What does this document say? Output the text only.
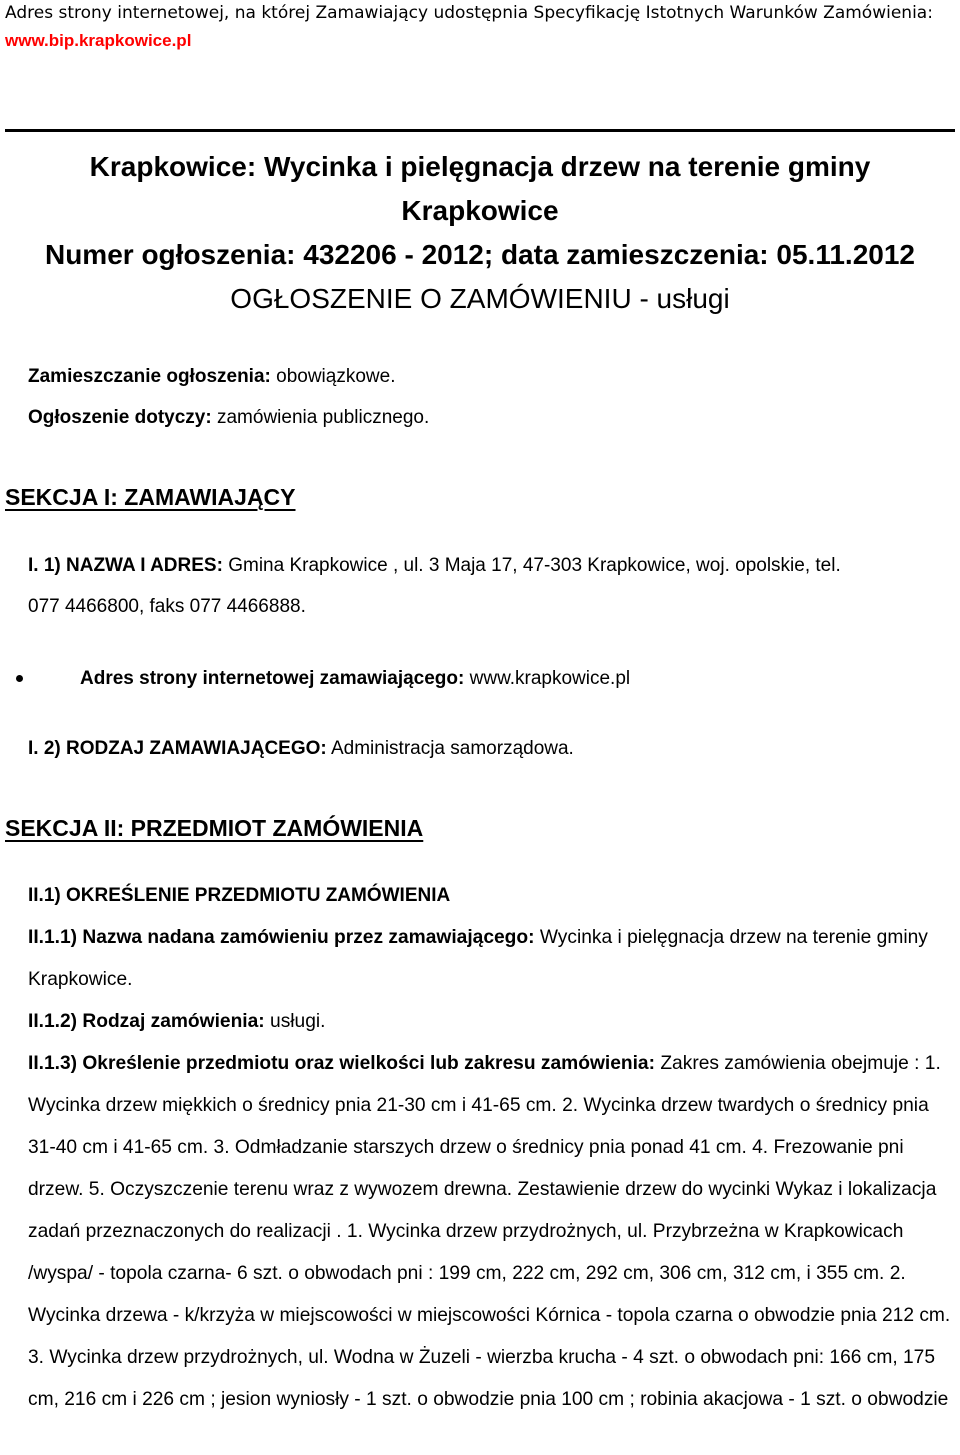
Adres strony internetowej, na której Zamawiający udostępnia Specyfikację Istotnych Warunków Zamówienia:
www.bip.krapkowice.pl
Krapkowice: Wycinka i pielęgnacja drzew na terenie gminy
Krapkowice
Numer ogłoszenia: 432206 - 2012; data zamieszczenia: 05.11.2012
OGŁOSZENIE O ZAMÓWIENIU - usługi
Zamieszczanie ogłoszenia: obowiązkowe.
Ogłoszenie dotyczy: zamówienia publicznego.
SEKCJA I: ZAMAWIAJĄCY
I. 1) NAZWA I ADRES: Gmina Krapkowice , ul. 3 Maja 17, 47-303 Krapkowice, woj. opolskie, tel.
077 4466800, faks 077 4466888.
Adres strony internetowej zamawiającego: www.krapkowice.pl
I. 2) RODZAJ ZAMAWIAJĄCEGO: Administracja samorządowa.
SEKCJA II: PRZEDMIOT ZAMÓWIENIA
II.1) OKREŚLENIE PRZEDMIOTU ZAMÓWIENIA
II.1.1) Nazwa nadana zamówieniu przez zamawiającego: Wycinka i pielęgnacja drzew na terenie gminy Krapkowice.
II.1.2) Rodzaj zamówienia: usługi.
II.1.3) Określenie przedmiotu oraz wielkości lub zakresu zamówienia: Zakres zamówienia obejmuje : 1. Wycinka drzew miękkich o średnicy pnia 21-30 cm i 41-65 cm. 2. Wycinka drzew twardych o średnicy pnia 31-40 cm i 41-65 cm. 3. Odmładzanie starszych drzew o średnicy pnia ponad 41 cm. 4. Frezowanie pni drzew. 5. Oczyszczenie terenu wraz z wywozem drewna. Zestawienie drzew do wycinki Wykaz i lokalizacja zadań przeznaczonych do realizacji . 1. Wycinka drzew przydrożnych, ul. Przybrzeżna w Krapkowicach /wyspa/ - topola czarna- 6 szt. o obwodach pni : 199 cm, 222 cm, 292 cm, 306 cm, 312 cm, i 355 cm. 2. Wycinka drzewa - k/krzyża w miejscowości w miejscowości Kórnica - topola czarna o obwodzie pnia 212 cm. 3. Wycinka drzew przydrożnych, ul. Wodna w Żuzeli - wierzba krucha - 4 szt. o obwodach pni: 166 cm, 175 cm, 216 cm i 226 cm ; jesion wyniosły - 1 szt. o obwodzie pnia 100 cm ; robinia akacjowa - 1 szt. o obwodzie
